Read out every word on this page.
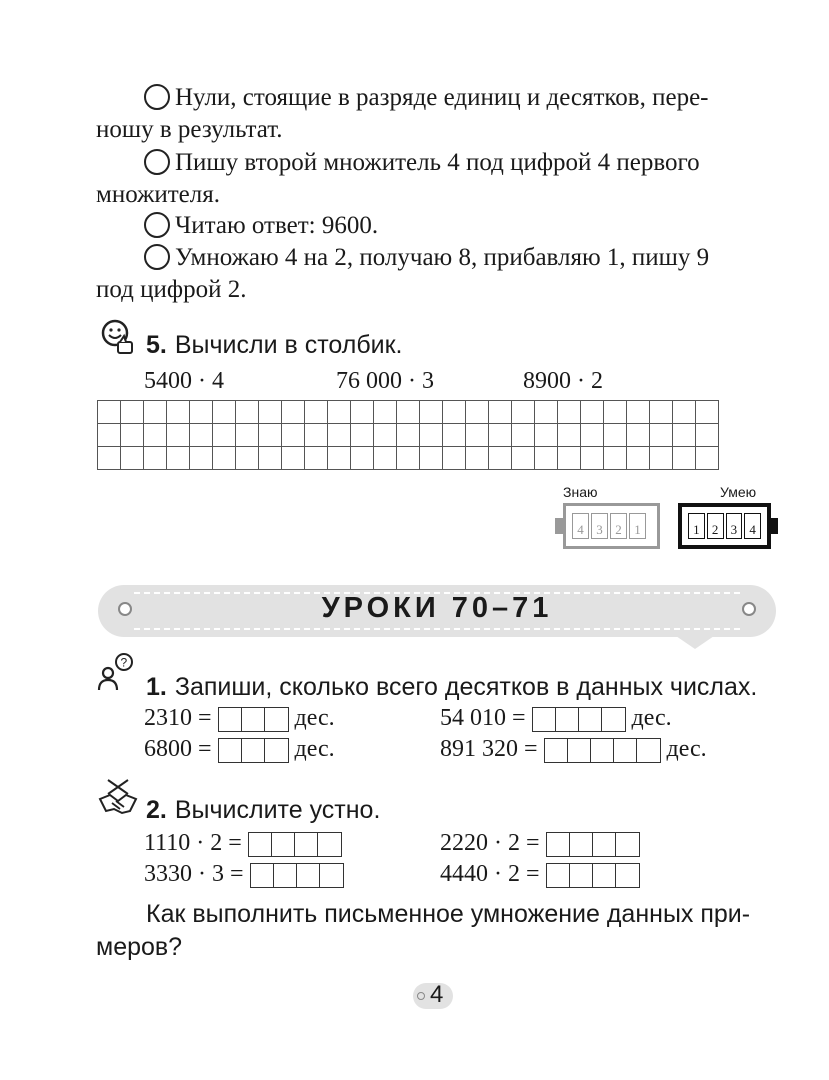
Нули, стоящие в разряде единиц и десятков, пере-
ношу в результат.
Пишу второй множитель 4 под цифрой 4 первого
множителя.
Читаю ответ: 9600.
Умножаю 4 на 2, получаю 8, прибавляю 1, пишу 9
под цифрой 2.
5. Вычисли в столбик.
5400 · 4	76 000 · 3	8900 · 2

Знаю
4 3 2 1
Умею
1 2 3 4
УРОКИ 70–71
?
1. Запиши, сколько всего десятков в данных числах.
2310 =	дес.	54 010 =	дес.
6800 =	дес.	891 320 =	дес.
2. Вычислите устно.
1110 · 2 =	2220 · 2 =
3330 · 3 =	4440 · 2 =
Как выполнить письменное умножение данных при-
меров?
4
